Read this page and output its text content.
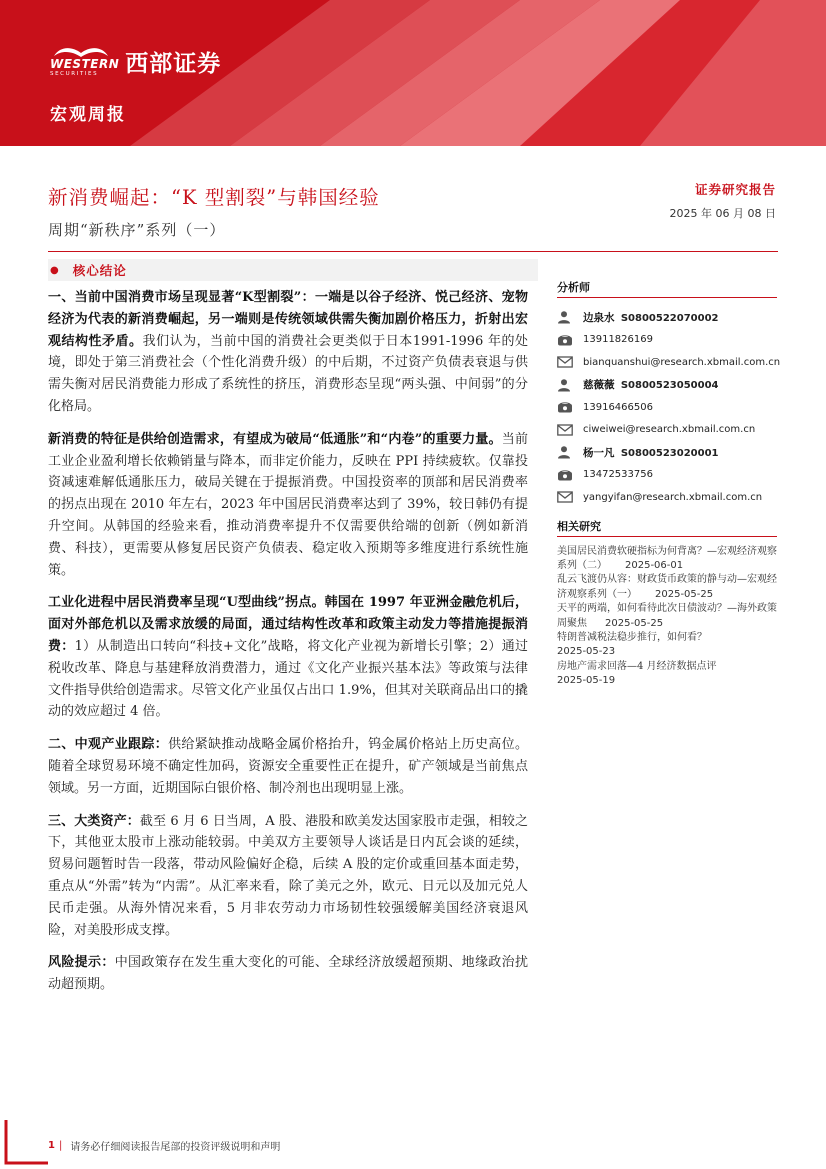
WESTERN
SECURITIES 西部证券
宏观周报
新消费崛起：“K 型割裂”与韩国经验
周期“新秩序”系列（一）
证券研究报告
2025 年 06 月 08 日
● 核心结论

一、当前中国消费市场呈现显著“K型割裂”：一端是以谷子经济、悦己经济、宠物经济为代表的新消费崛起，另一端则是传统领域供需失衡加剧价格压力，折射出宏观结构性矛盾。我们认为，当前中国的消费社会更类似于日本1991-1996 年的处境，即处于第三消费社会（个性化消费升级）的中后期，不过资产负债表衰退与供需失衡对居民消费能力形成了系统性的挤压，消费形态呈现“两头强、中间弱”的分化格局。

新消费的特征是供给创造需求，有望成为破局“低通胀”和“内卷”的重要力量。当前工业企业盈利增长依赖销量与降本，而非定价能力，反映在 PPI 持续疲软。仅靠投资减速难解低通胀压力，破局关键在于提振消费。中国投资率的顶部和居民消费率的拐点出现在 2010 年左右，2023 年中国居民消费率达到了 39%，较日韩仍有提升空间。从韩国的经验来看，推动消费率提升不仅需要供给端的创新（例如新消费、科技），更需要从修复居民资产负债表、稳定收入预期等多维度进行系统性施策。

工业化进程中居民消费率呈现“U型曲线”拐点。韩国在 1997 年亚洲金融危机后，面对外部危机以及需求放缓的局面，通过结构性改革和政策主动发力等措施提振消费：1）从制造出口转向“科技+文化”战略，将文化产业视为新增长引擎；2）通过税收改革、降息与基建释放消费潜力，通过《文化产业振兴基本法》等政策与法律文件指导供给创造需求。尽管文化产业虽仅占出口 1.9%，但其对关联商品出口的撬动的效应超过 4 倍。

二、中观产业跟踪：供给紧缺推动战略金属价格抬升，钨金属价格站上历史高位。随着全球贸易环境不确定性加码，资源安全重要性正在提升，矿产领域是当前焦点领域。另一方面，近期国际白银价格、制冷剂也出现明显上涨。

三、大类资产：截至 6 月 6 日当周，A 股、港股和欧美发达国家股市走强，相较之下，其他亚太股市上涨动能较弱。中美双方主要领导人谈话是日内瓦会谈的延续，贸易问题暂时告一段落，带动风险偏好企稳，后续 A 股的定价或重回基本面走势，重点从“外需”转为“内需”。从汇率来看，除了美元之外，欧元、日元以及加元兑人民币走强。从海外情况来看，5 月非农劳动力市场韧性较强缓解美国经济衰退风险，对美股形成支撑。

风险提示：中国政策存在发生重大变化的可能、全球经济放缓超预期、地缘政治扰动超预期。

分析师
边泉水 S0800522070002
13911826169
bianquanshui@research.xbmail.com.cn
慈薇薇 S0800523050004
13916466506
ciweiwei@research.xbmail.com.cn
杨一凡 S0800523020001
13472533756
yangyifan@research.xbmail.com.cn
相关研究
美国居民消费软硬指标为何背离？—宏观经济观察系列（二） 2025-06-01
乱云飞渡仍从容：财政货币政策的静与动—宏观经济观察系列（一） 2025-05-25
天平的两端，如何看待此次日债波动？—海外政策周聚焦 2025-05-25
特朗普减税法稳步推行，如何看？
2025-05-23
房地产需求回落—4 月经济数据点评
2025-05-19
1 | 请务必仔细阅读报告尾部的投资评级说明和声明
